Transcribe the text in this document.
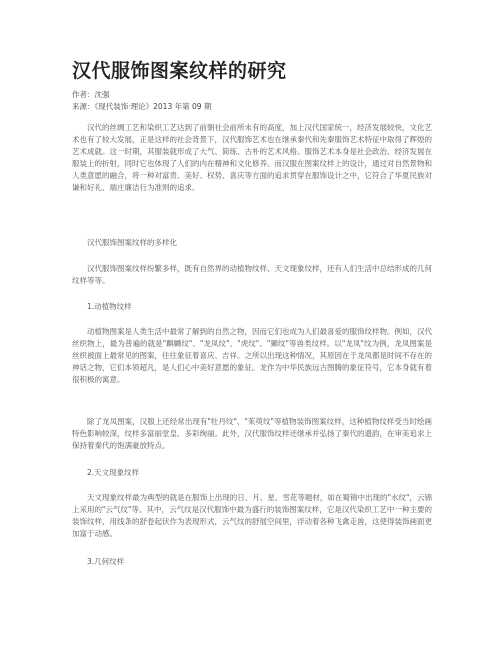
汉代服饰图案纹样的研究
作者：沈强
来源：《现代装饰·理论》2013 年第 09 期

汉代的丝绸工艺和染织工艺达到了前朝社会前所未有的高度，加上汉代国家统一，经济发展较快，文化艺术也有了较大发展，正是这样的社会背景下，汉代服饰艺术也在继承秦代和先秦服饰艺术特征中取得了辉煌的艺术成就。这一时期，其服装就形成了大气、简练、古朴的艺术风格。服饰艺术本身是社会政治、经济发展在服装上的折射，同时它也体现了人们的内在精神和文化修养。而汉服在图案纹样上的设计，通过对自然景物和人类意愿的融合，将一种对富贵、美好、权势、喜庆等方面的追求贯穿在服饰设计之中，它符合了华夏民族对谦和好礼、端庄廉洁行为准则的追求。

汉代服饰图案纹样的多样化

汉代服饰图案纹样纷繁多样，既有自然界的动植物纹样、天文现象纹样，还有人们生活中总结形成的几何纹样等等。

1.动植物纹样

动植物图案是人类生活中最常了解到的自然之物，因而它们也成为人们最喜爱的服饰纹样物。例如，汉代丝织物上，最为普遍的就是"麒麟纹"、"龙凤纹"、"虎纹"、"狮纹"等兽类纹样。以"龙凤"纹为例，龙凤图案是丝织被面上最常见的图案，往往象征着喜庆、吉祥。之所以出现这种情况，其原因在于龙凤都是时间不存在的神话之物，它们本领超凡，是人们心中美好意愿的象征。龙作为中华民族远古图腾的象征符号，它本身就有着很积极的寓意。

除了龙凤图案，汉服上还经常出现有"牡丹纹"、"茱萸纹"等植物装饰图案纹样，这种植物纹样受当时绘画特色影响较深，纹样多富丽堂皇、多彩绚丽。此外，汉代服饰纹样还继承并弘扬了秦代的遗韵，在审美追求上保持着秦代的饱满豪放特点。

2.天文现象纹样

天文现象纹样最为典型的就是在服饰上出现的日、月、星、雪花等题材，如在蜀锦中出现的"水纹"，云锦上采用的"云气纹"等。其中，云气纹是汉代服饰中最为盛行的装饰图案纹样，它是汉代染织工艺中一种主要的装饰纹样，用线条的舒卷起伏作为表现形式，云气纹的舒展空间里，浮动着各种飞禽走兽，这使得装饰画面更加富于动感。

3.几何纹样
